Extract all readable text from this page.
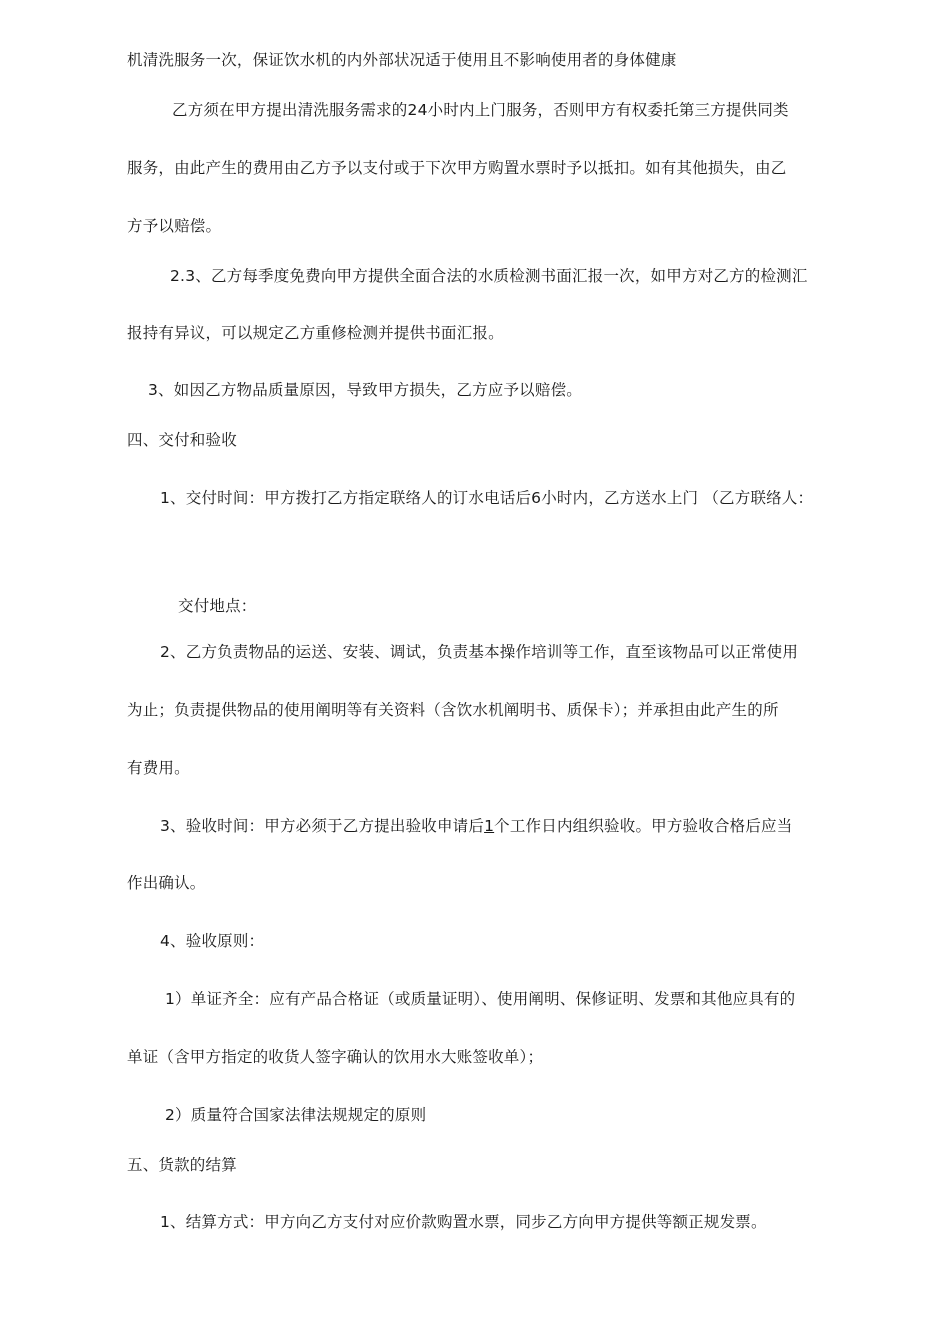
机清洗服务一次，保证饮水机的内外部状况适于使用且不影响使用者的身体健康
乙方须在甲方提出清洗服务需求的24小时内上门服务，否则甲方有权委托第三方提供同类
服务，由此产生的费用由乙方予以支付或于下次甲方购置水票时予以抵扣。如有其他损失，由乙
方予以赔偿。
2.3、乙方每季度免费向甲方提供全面合法的水质检测书面汇报一次，如甲方对乙方的检测汇
报持有异议，可以规定乙方重修检测并提供书面汇报。
3、如因乙方物品质量原因，导致甲方损失，乙方应予以赔偿。
四、交付和验收
1、交付时间：甲方拨打乙方指定联络人的订水电话后6小时内，乙方送水上门 （乙方联络人：
交付地点：
2、乙方负责物品的运送、安装、调试，负责基本操作培训等工作，直至该物品可以正常使用
为止；负责提供物品的使用阐明等有关资料（含饮水机阐明书、质保卡）；并承担由此产生的所
有费用。
3、验收时间：甲方必须于乙方提出验收申请后1个工作日内组织验收。甲方验收合格后应当
作出确认。
4、验收原则：
1）单证齐全：应有产品合格证（或质量证明）、使用阐明、保修证明、发票和其他应具有的
单证（含甲方指定的收货人签字确认的饮用水大账签收单）；
2）质量符合国家法律法规规定的原则
五、货款的结算
1、结算方式：甲方向乙方支付对应价款购置水票，同步乙方向甲方提供等额正规发票。
